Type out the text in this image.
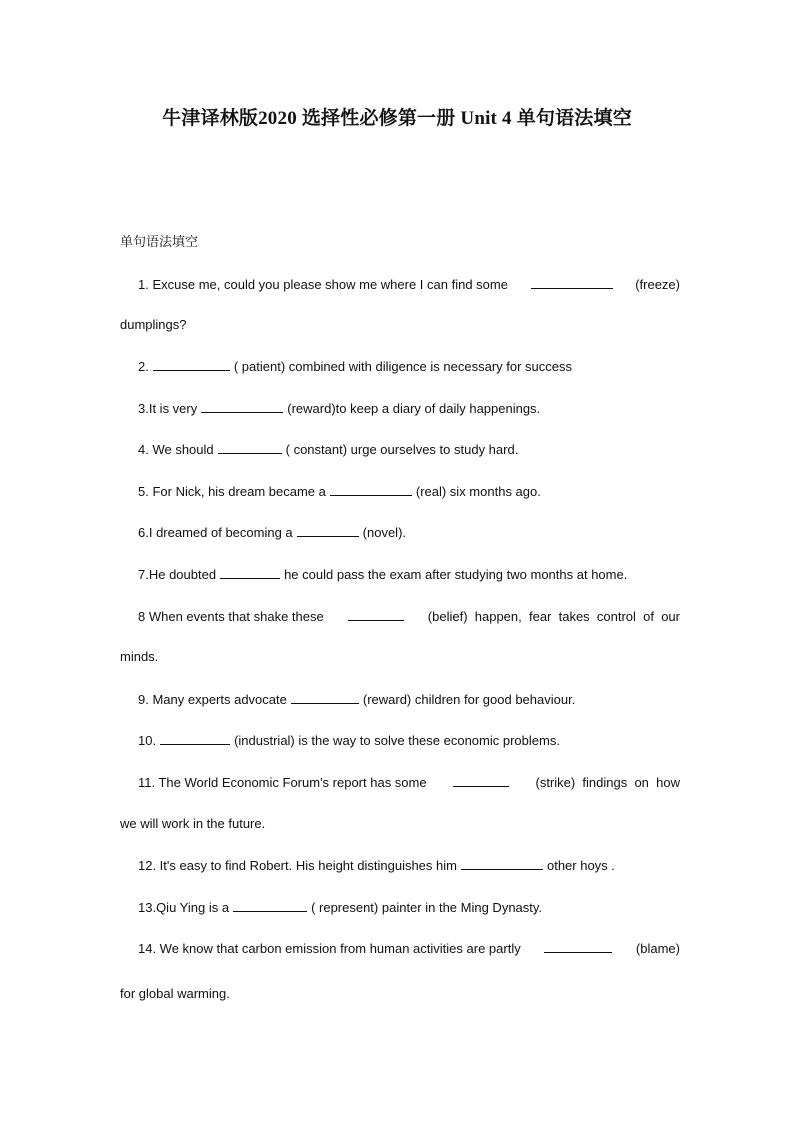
牛津译林版2020 选择性必修第一册 Unit 4 单句语法填空
单句语法填空
1. Excuse me, could you please show me where I can find some	(freeze)
dumplings?
2.	( patient) combined with diligence is necessary for success
3.It is very	(reward)to keep a diary of daily happenings.
4. We should	( constant) urge ourselves to study hard.
5. For Nick, his dream became a	(real) six months ago.
6.I dreamed of becoming a	(novel).
7.He doubted	he could pass the exam after studying two months at home.
8 When events that shake these	(belief)  happen,  fear  takes  control  of  our
minds.
9. Many experts advocate	(reward) children for good behaviour.
10.	(industrial) is the way to solve these economic problems.
11. The World Economic Forum's report has some	(strike)  findings  on  how
we will work in the future.
12. It's easy to find Robert. His height distinguishes him	other hoys .
13.Qiu Ying is a	( represent) painter in the Ming Dynasty.
14. We know that carbon emission from human activities are partly	(blame)
for global warming.
